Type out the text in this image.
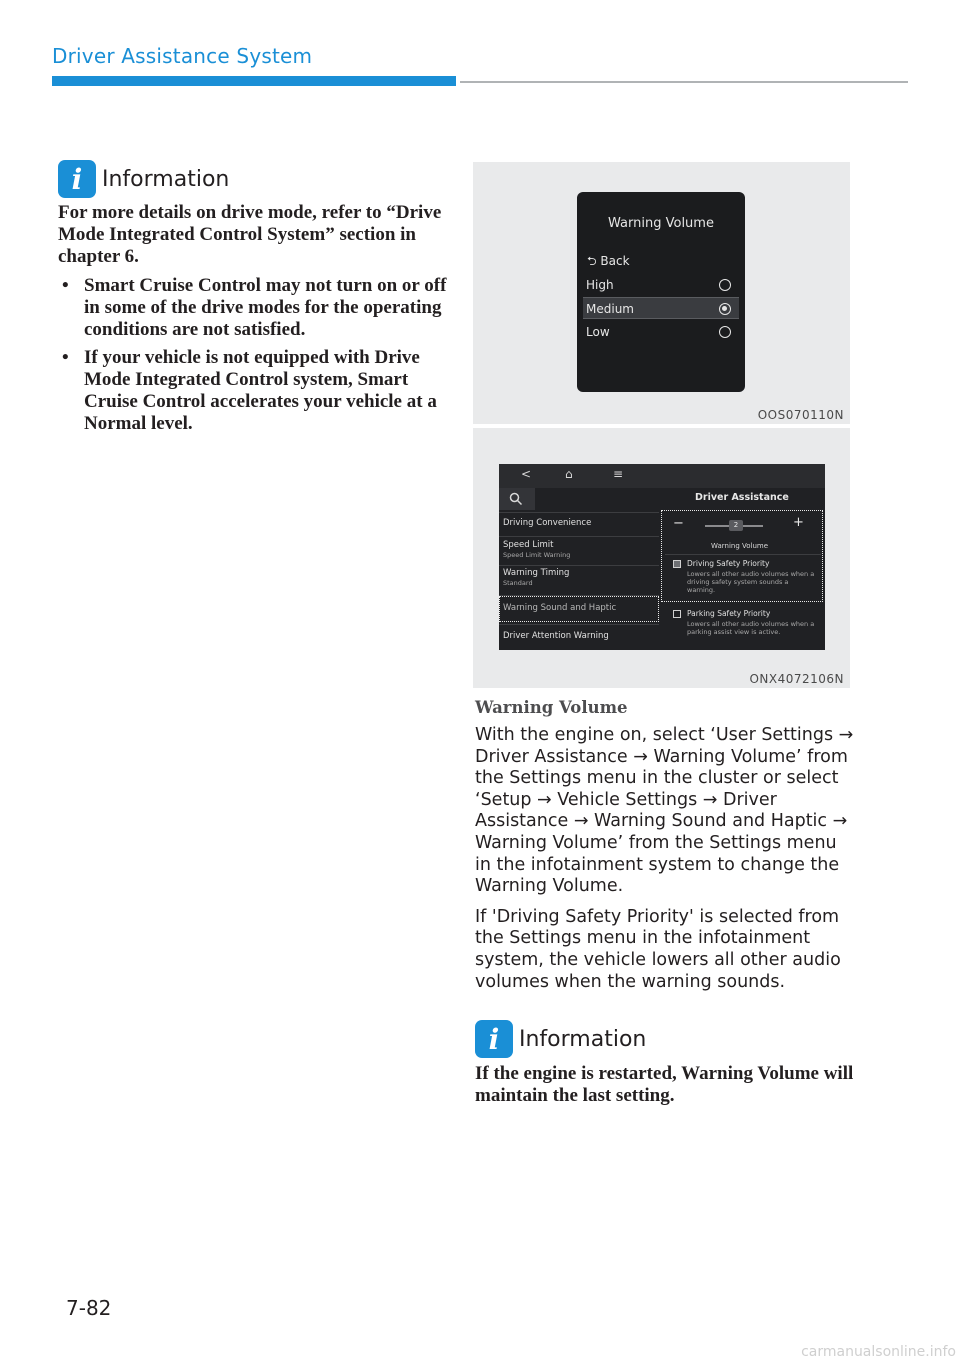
Driver Assistance System
i Information

For more details on drive mode, refer to “Drive Mode Integrated Control System” section in chapter 6.

• Smart Cruise Control may not turn on or off in some of the drive modes for the operating conditions are not satisfied.
• If your vehicle is not equipped with Drive Mode Integrated Control system, Smart Cruise Control accelerates your vehicle at a Normal level.
Warning Volume
⮌ Back
High
Medium
Low
OOS070110N
<	⌂	≡
Driver Assistance
Driving Convenience
Speed Limit
Speed Limit Warning
Warning Timing
Standard
Warning Sound and Haptic
Driver Attention Warning
−	2	+
Warning Volume
Driving Safety Priority
Lowers all other audio volumes when a driving safety system sounds a warning.
Parking Safety Priority
Lowers all other audio volumes when a parking assist view is active.
ONX4072106N
Warning Volume

With the engine on, select ‘User Settings → Driver Assistance → Warning Volume’ from the Settings menu in the cluster or select ‘Setup → Vehicle Settings → Driver Assistance → Warning Sound and Haptic → Warning Volume’ from the Settings menu in the infotainment system to change the Warning Volume.

If 'Driving Safety Priority' is selected from the Settings menu in the infotainment system, the vehicle lowers all other audio volumes when the warning sounds.

i Information

If the engine is restarted, Warning Volume will maintain the last setting.

7-82
carmanualsonline.info
